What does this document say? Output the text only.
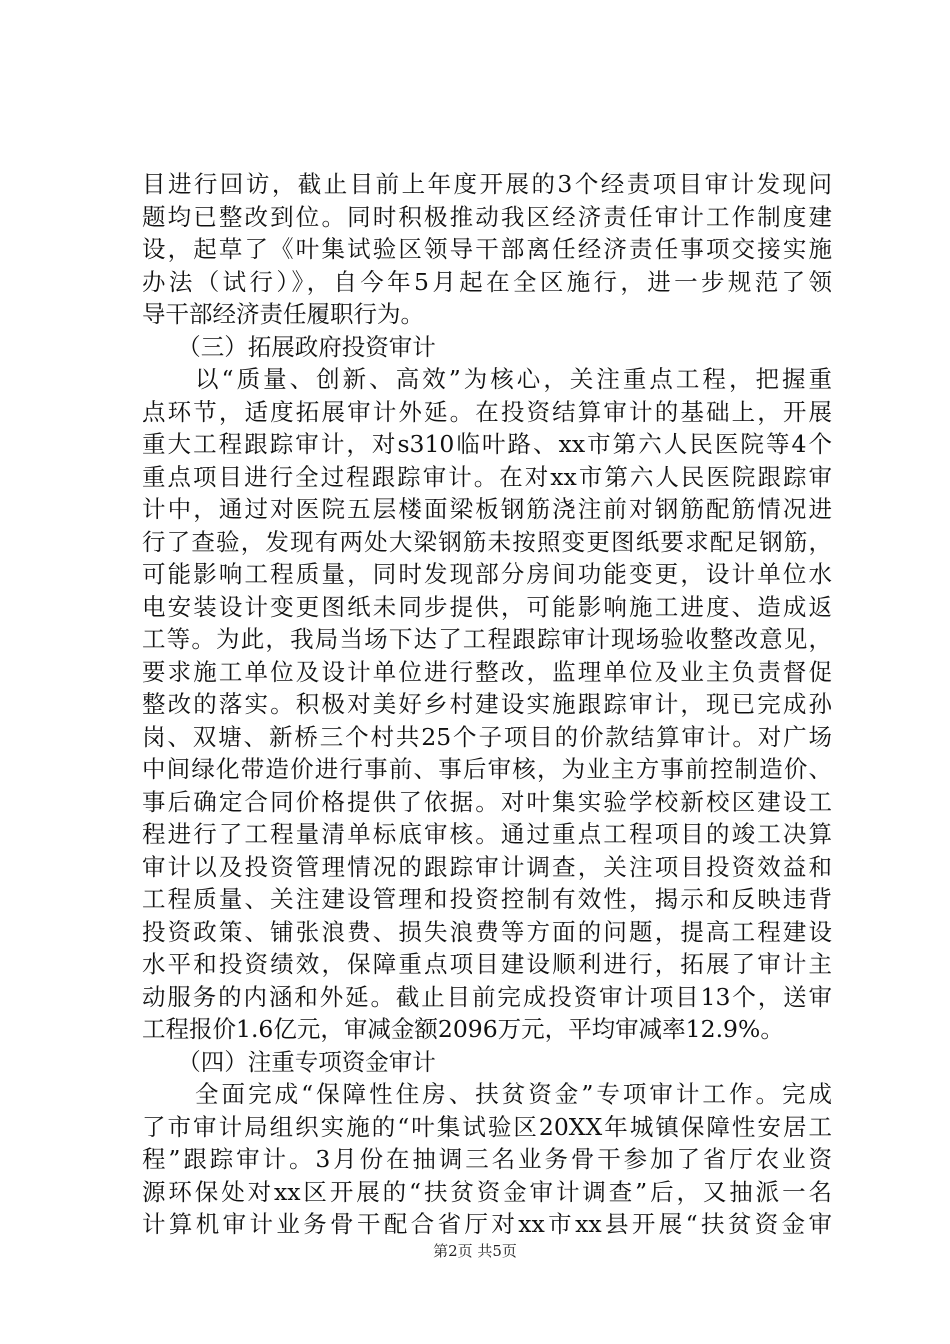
目进行回访，截止目前上年度开展的3个经责项目审计发现问
题均已整改到位。同时积极推动我区经济责任审计工作制度建
设，起草了《叶集试验区领导干部离任经济责任事项交接实施
办法（试行）》，自今年5月起在全区施行，进一步规范了领
导干部经济责任履职行为。
　　（三）拓展政府投资审计
　　以“质量、创新、高效”为核心，关注重点工程，把握重
点环节，适度拓展审计外延。在投资结算审计的基础上，开展
重大工程跟踪审计，对s310临叶路、xx市第六人民医院等4个
重点项目进行全过程跟踪审计。在对xx市第六人民医院跟踪审
计中，通过对医院五层楼面梁板钢筋浇注前对钢筋配筋情况进
行了查验，发现有两处大梁钢筋未按照变更图纸要求配足钢筋，
可能影响工程质量，同时发现部分房间功能变更，设计单位水
电安装设计变更图纸未同步提供，可能影响施工进度、造成返
工等。为此，我局当场下达了工程跟踪审计现场验收整改意见，
要求施工单位及设计单位进行整改，监理单位及业主负责督促
整改的落实。积极对美好乡村建设实施跟踪审计，现已完成孙
岗、双塘、新桥三个村共25个子项目的价款结算审计。对广场
中间绿化带造价进行事前、事后审核，为业主方事前控制造价、
事后确定合同价格提供了依据。对叶集实验学校新校区建设工
程进行了工程量清单标底审核。通过重点工程项目的竣工决算
审计以及投资管理情况的跟踪审计调查，关注项目投资效益和
工程质量、关注建设管理和投资控制有效性，揭示和反映违背
投资政策、铺张浪费、损失浪费等方面的问题，提高工程建设
水平和投资绩效，保障重点项目建设顺利进行，拓展了审计主
动服务的内涵和外延。截止目前完成投资审计项目13个，送审
工程报价1.6亿元，审减金额2096万元，平均审减率12.9%。
　　（四）注重专项资金审计
　　全面完成“保障性住房、扶贫资金”专项审计工作。完成
了市审计局组织实施的“叶集试验区20XX年城镇保障性安居工
程”跟踪审计。3月份在抽调三名业务骨干参加了省厅农业资
源环保处对xx区开展的“扶贫资金审计调查”后，又抽派一名
计算机审计业务骨干配合省厅对xx市xx县开展“扶贫资金审
第2页 共5页
